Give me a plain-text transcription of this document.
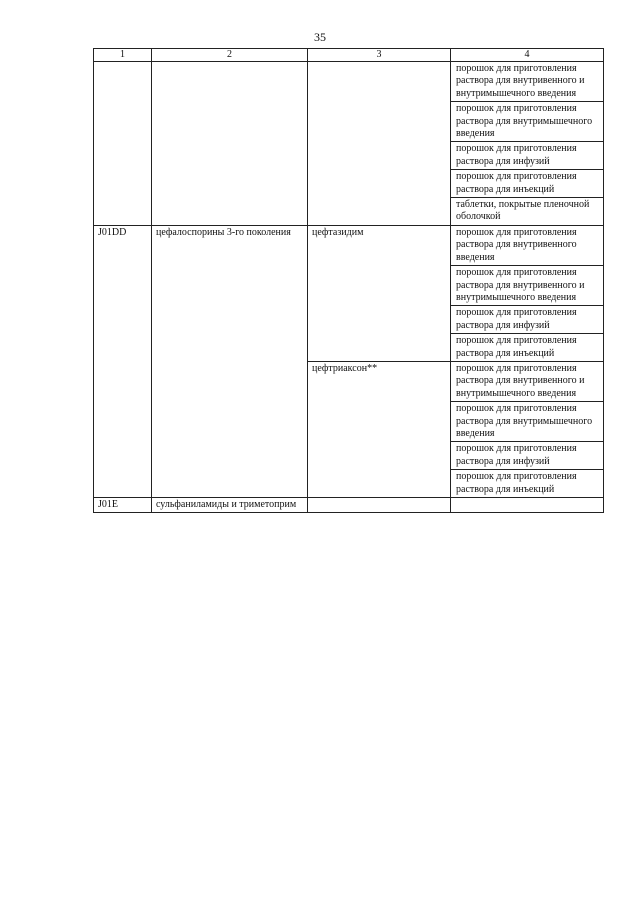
35
1	2	3	4
			порошок для приготовления раствора для внутривенного и внутримышечного введения
			порошок для приготовления раствора для внутримышечного введения
			порошок для приготовления раствора для инфузий
			порошок для приготовления раствора для инъекций
			таблетки, покрытые пленочной оболочкой
J01DD	цефалоспорины 3-го поколения	цефтазидим	порошок для приготовления раствора для внутривенного введения
			порошок для приготовления раствора для внутривенного и внутримышечного введения
			порошок для приготовления раствора для инфузий
			порошок для приготовления раствора для инъекций
		цефтриаксон**	порошок для приготовления раствора для внутривенного и внутримышечного введения
			порошок для приготовления раствора для внутримышечного введения
			порошок для приготовления раствора для инфузий
			порошок для приготовления раствора для инъекций
J01E	сульфаниламиды и триметоприм		
